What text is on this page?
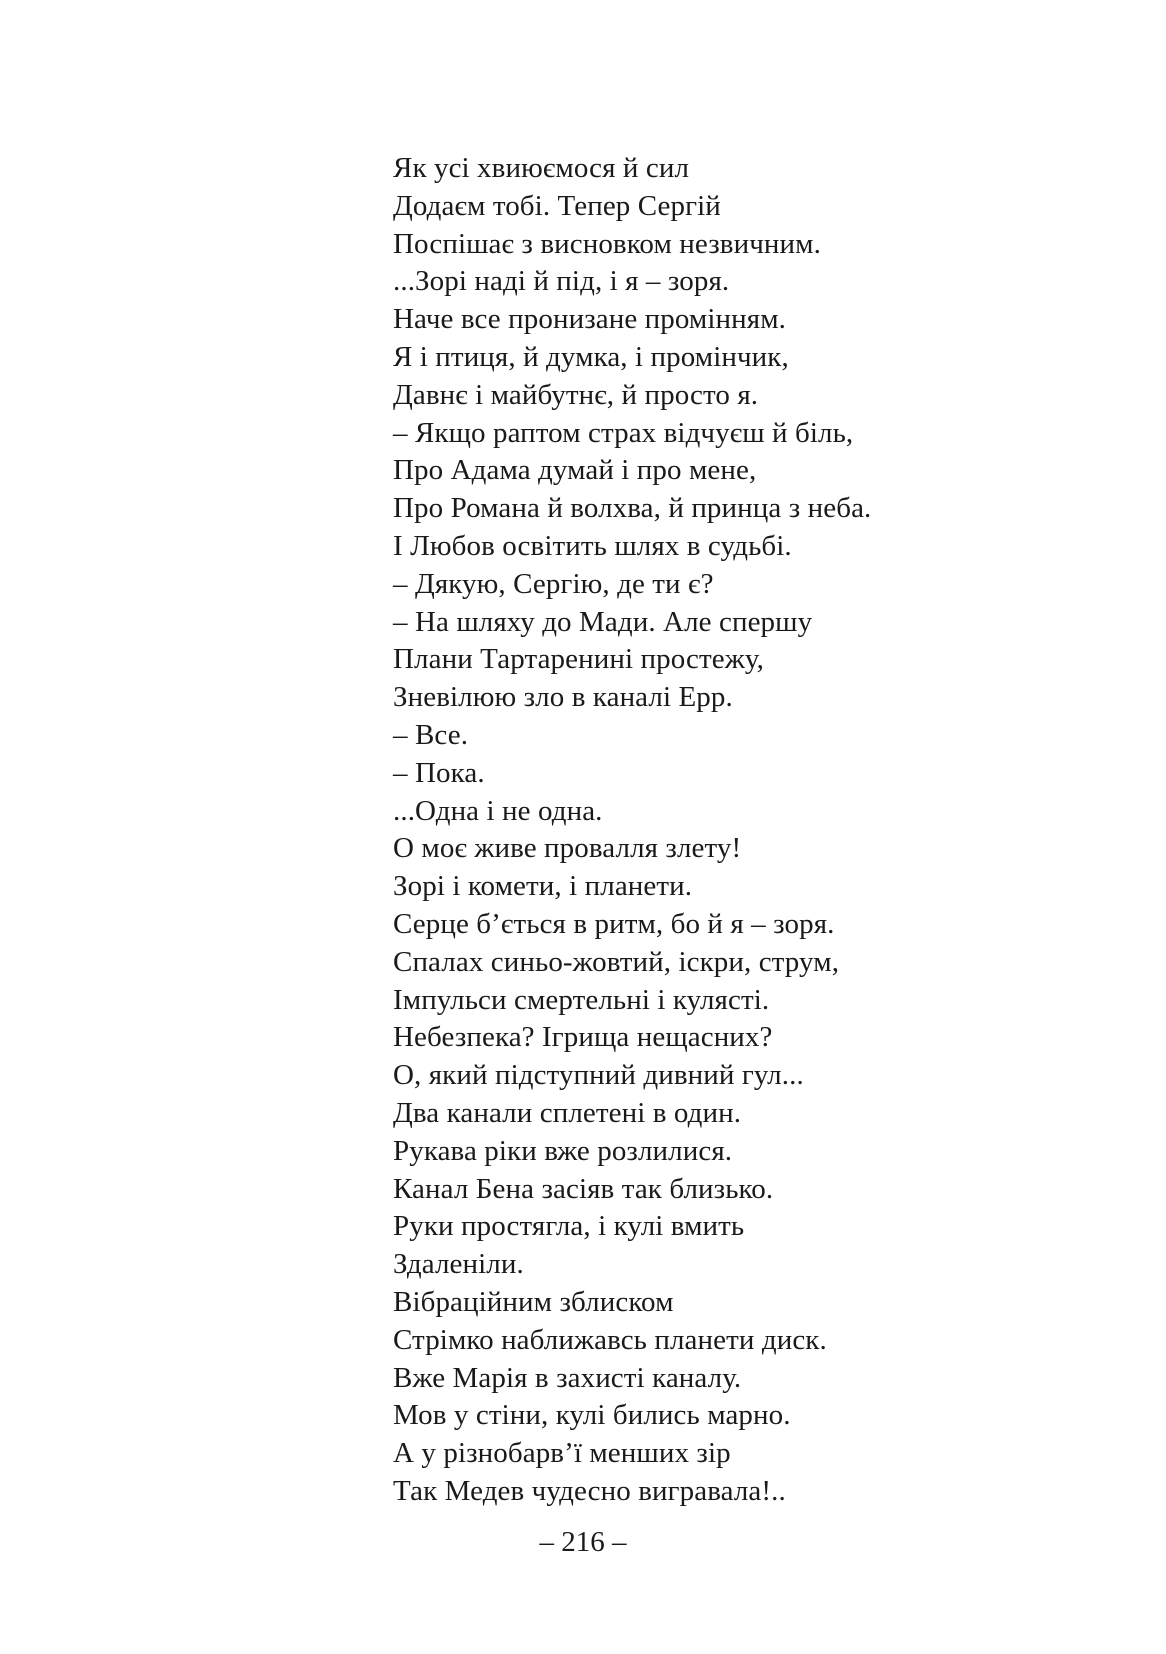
Як усі хвиюємося й сил
Додаєм тобі. Тепер Сергій
Поспішає з висновком незвичним.
...Зорі наді й під, і я – зоря.
Наче все пронизане промінням.
Я і птиця, й думка, і промінчик,
Давнє і майбутнє, й просто я.
– Якщо раптом страх відчуєш й біль,
Про Адама думай і про мене,
Про Романа й волхва, й принца з неба.
І Любов освітить шлях в судьбі.
– Дякую, Сергію, де ти є?
– На шляху до Мади. Але спершу
Плани Тартаренині простежу,
Зневілюю зло в каналі Ерр.
– Все.
– Пока.
...Одна і не одна.
О моє живе провалля злету!
Зорі і комети, і планети.
Серце б’ється в ритм, бо й я – зоря.
Спалах синьо-жовтий, іскри, струм,
Імпульси смертельні і кулясті.
Небезпека? Ігрища нещасних?
О, який підступний дивний гул...
Два канали сплетені в один.
Рукава ріки вже розлилися.
Канал Бена засіяв так близько.
Руки простягла, і кулі вмить
Здаленіли.
Вібраційним зблиском
Стрімко наближавсь планети диск.
Вже Марія в захисті каналу.
Мов у стіни, кулі бились марно.
А у різнобарв’ї менших зір
Так Медев чудесно вигравала!..
– 216 –
